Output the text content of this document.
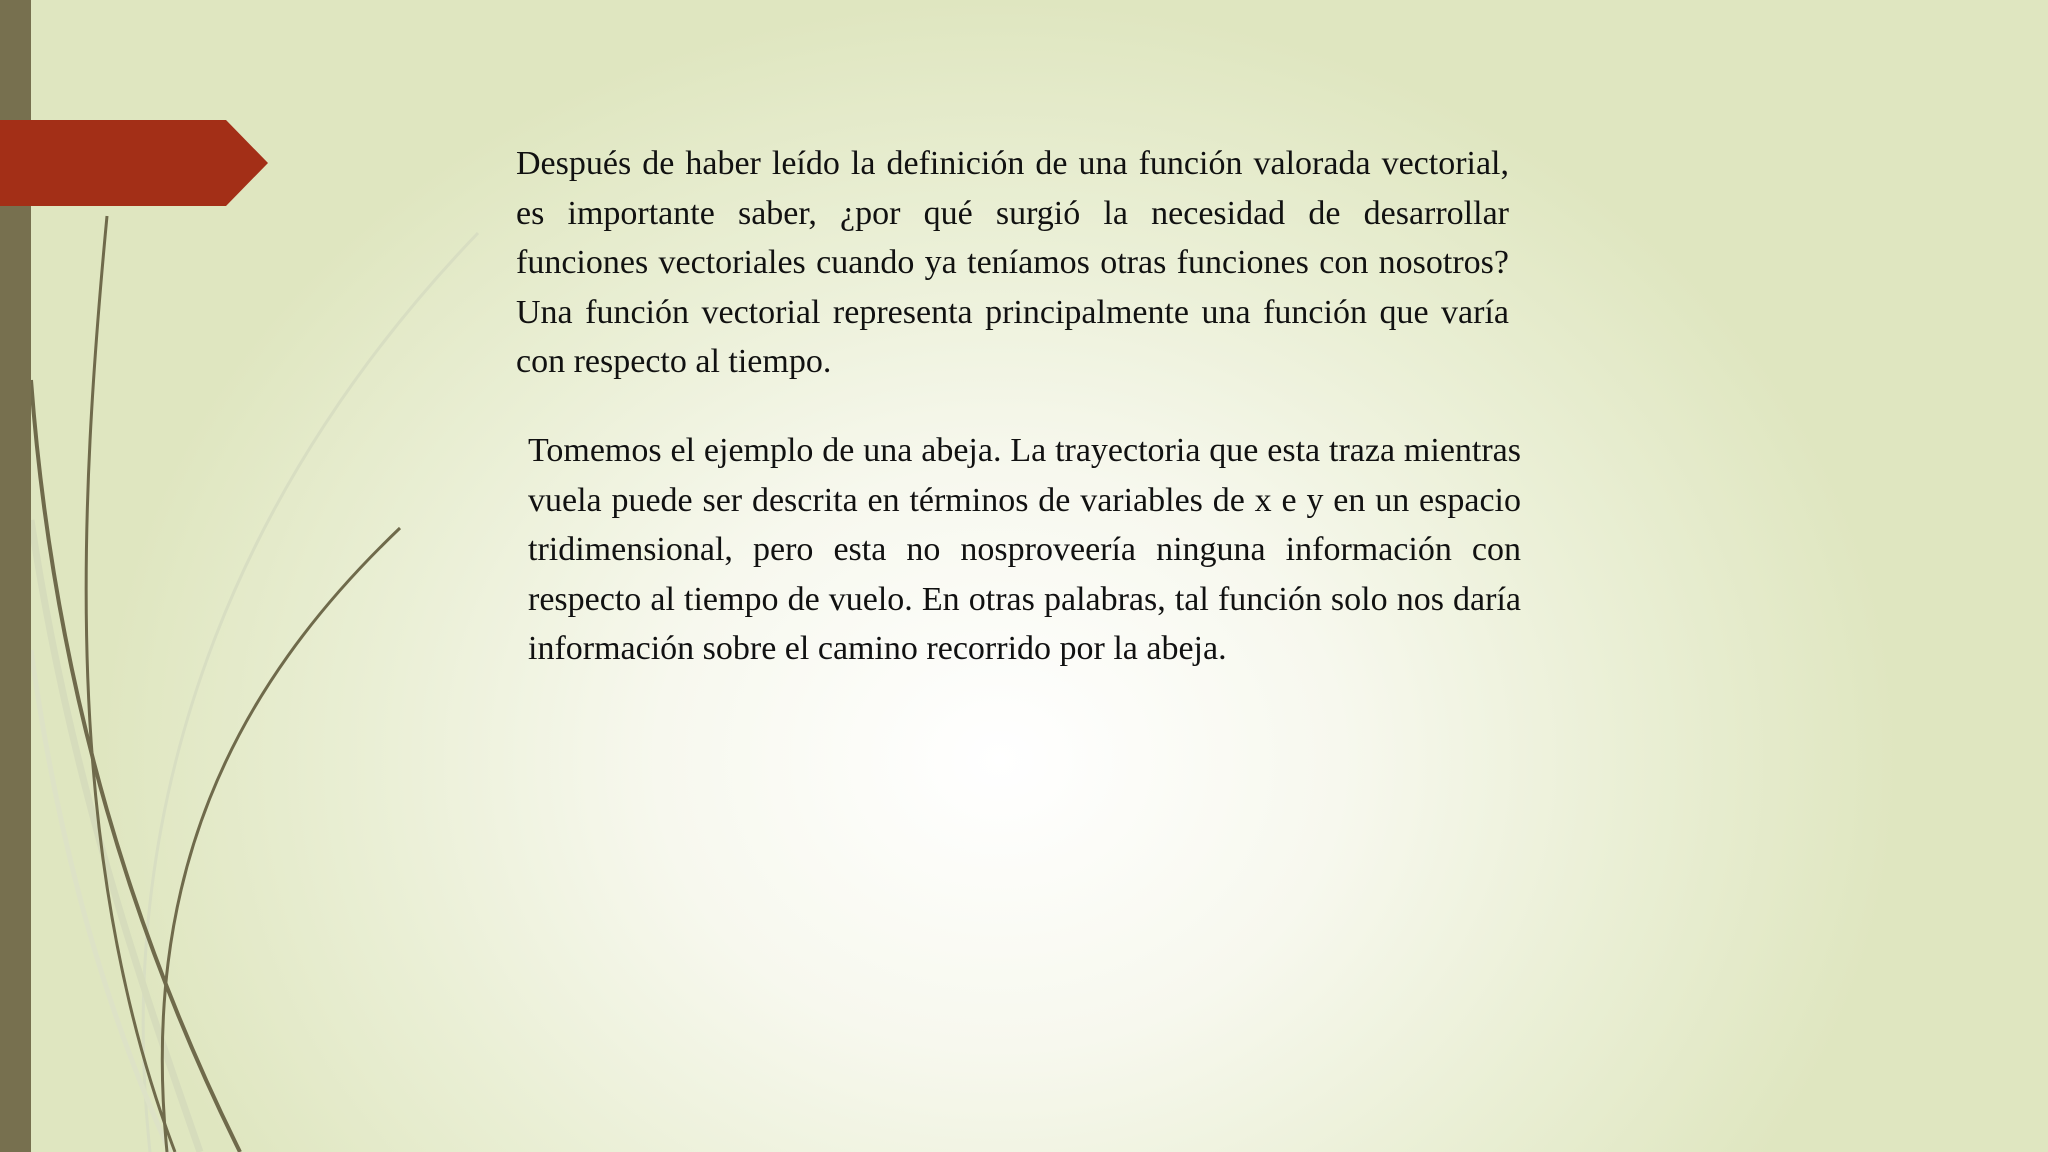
Después de haber leído la definición de una función valorada vectorial, es importante saber, ¿por qué surgió la necesidad de desarrollar funciones vectoriales cuando ya teníamos otras funciones con nosotros? Una función vectorial representa principalmente una función que varía con respecto al tiempo.

Tomemos el ejemplo de una abeja. La trayectoria que esta traza mientras vuela puede ser descrita en términos de variables de x e y en un espacio tridimensional, pero esta no nosproveería ninguna información con respecto al tiempo de vuelo. En otras palabras, tal función solo nos daría información sobre el camino recorrido por la abeja.
